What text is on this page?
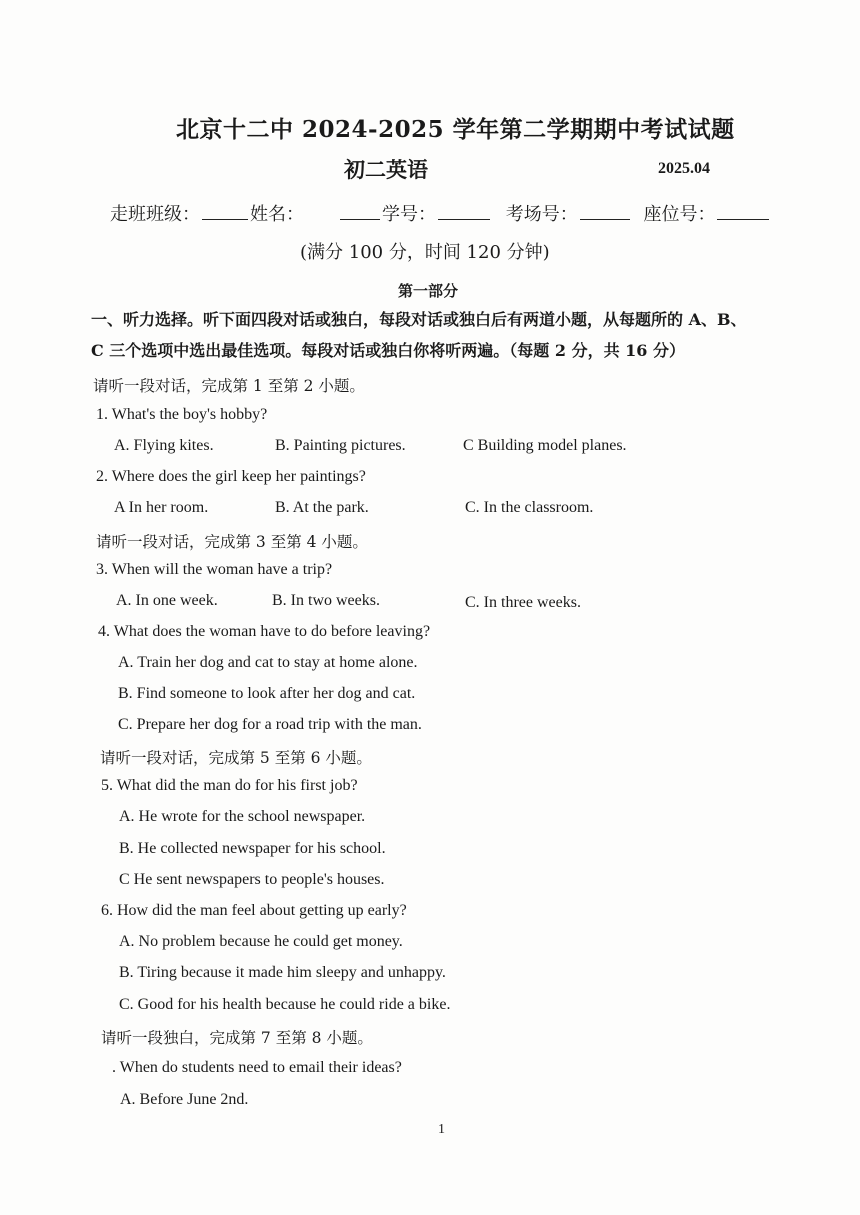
北京十二中 2024-2025 学年第二学期期中考试试题
初二英语	2025.04
走班班级：	姓名：	学号：	考场号：	座位号：
(满分 100 分，时间 120 分钟)
第一部分
一、听力选择。听下面四段对话或独白，每段对话或独白后有两道小题，从每题所的 A、B、
C 三个选项中选出最佳选项。每段对话或独白你将听两遍。（每题 2 分，共 16 分）
请听一段对话，完成第 1 至第 2 小题。
1. What's the boy's hobby?
A. Flying kites.	B. Painting pictures.	C Building model planes.
2. Where does the girl keep her paintings?
A In her room.	B. At the park.	C. In the classroom.
请听一段对话，完成第 3 至第 4 小题。
3. When will the woman have a trip?
A. In one week.	B. In two weeks.	C. In three weeks.
4. What does the woman have to do before leaving?
A. Train her dog and cat to stay at home alone.
B. Find someone to look after her dog and cat.
C. Prepare her dog for a road trip with the man.
请听一段对话，完成第 5 至第 6 小题。
5. What did the man do for his first job?
A. He wrote for the school newspaper.
B. He collected newspaper for his school.
C He sent newspapers to people's houses.
6. How did the man feel about getting up early?
A. No problem because he could get money.
B. Tiring because it made him sleepy and unhappy.
C. Good for his health because he could ride a bike.
请听一段独白，完成第 7 至第 8 小题。
. When do students need to email their ideas?
A. Before June 2nd.
1
